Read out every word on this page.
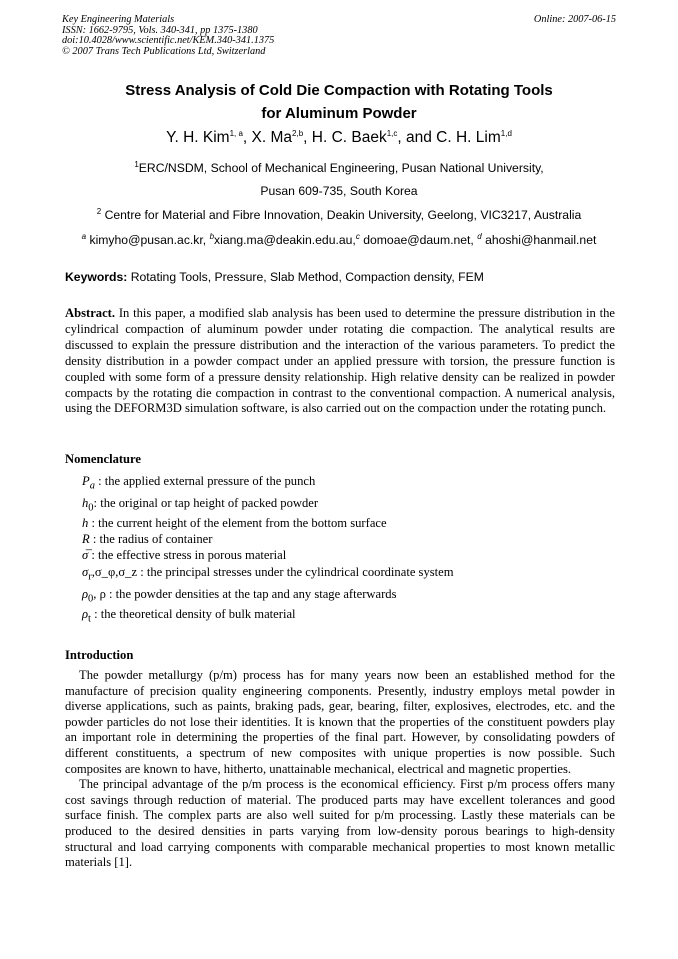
Key Engineering Materials
ISSN: 1662-9795, Vols. 340-341, pp 1375-1380
doi:10.4028/www.scientific.net/KEM.340-341.1375
© 2007 Trans Tech Publications Ltd, Switzerland
Online: 2007-06-15
Stress Analysis of Cold Die Compaction with Rotating Tools
for Aluminum Powder
Y. H. Kim$^{1, a}$, X. Ma$^{2,b}$, H. C. Baek$^{1,c}$, and C. H. Lim$^{1,d}$
$^1$ERC/NSDM, School of Mechanical Engineering, Pusan National University,
Pusan 609-735, South Korea
$^2$ Centre for Material and Fibre Innovation, Deakin University, Geelong, VIC3217, Australia
$^a$ kimyho@pusan.ac.kr, $^b$xiang.ma@deakin.edu.au,$^c$ domoae@daum.net, $^d$ ahoshi@hanmail.net
Keywords: Rotating Tools, Pressure, Slab Method, Compaction density, FEM
Abstract. In this paper, a modified slab analysis has been used to determine the pressure distribution in the cylindrical compaction of aluminum powder under rotating die compaction. The analytical results are discussed to explain the pressure distribution and the interaction of the various parameters. To predict the density distribution in a powder compact under an applied pressure with torsion, the pressure function is coupled with some form of a pressure density relationship. High relative density can be realized in powder compacts by the rotating die compaction in contrast to the conventional compaction. A numerical analysis, using the DEFORM3D simulation software, is also carried out on the compaction under the rotating punch.
Nomenclature
$P_a$ : the applied external pressure of the punch
$h_0$: the original or tap height of packed powder
h : the current height of the element from the bottom surface
R : the radius of container
σ̅ : the effective stress in porous material
$\sigma_r,\sigma\_\varphi,\sigma\_z$ : the principal stresses under the cylindrical coordinate system
$\rho_0$, ρ : the powder densities at the tap and any stage afterwards
$\rho_t$ : the theoretical density of bulk material
Introduction
The powder metallurgy (p/m) process has for many years now been an established method for the manufacture of precision quality engineering components. Presently, industry employs metal powder in diverse applications, such as paints, braking pads, gear, bearing, filter, explosives, electrodes, etc. and the powder particles do not lose their identities. It is known that the properties of the constituent powders play an important role in determining the properties of the final part. However, by consolidating powders of different constituents, a spectrum of new composites with unique properties is now possible. Such composites are known to have, hitherto, unattainable mechanical, electrical and magnetic properties.
The principal advantage of the p/m process is the economical efficiency. First p/m process offers many cost savings through reduction of material. The produced parts may have excellent tolerances and good surface finish. The complex parts are also well suited for p/m processing. Lastly these materials can be produced to the desired densities in parts varying from low-density porous bearings to high-density structural and load carrying components with comparable mechanical properties to most known metallic materials [1].
